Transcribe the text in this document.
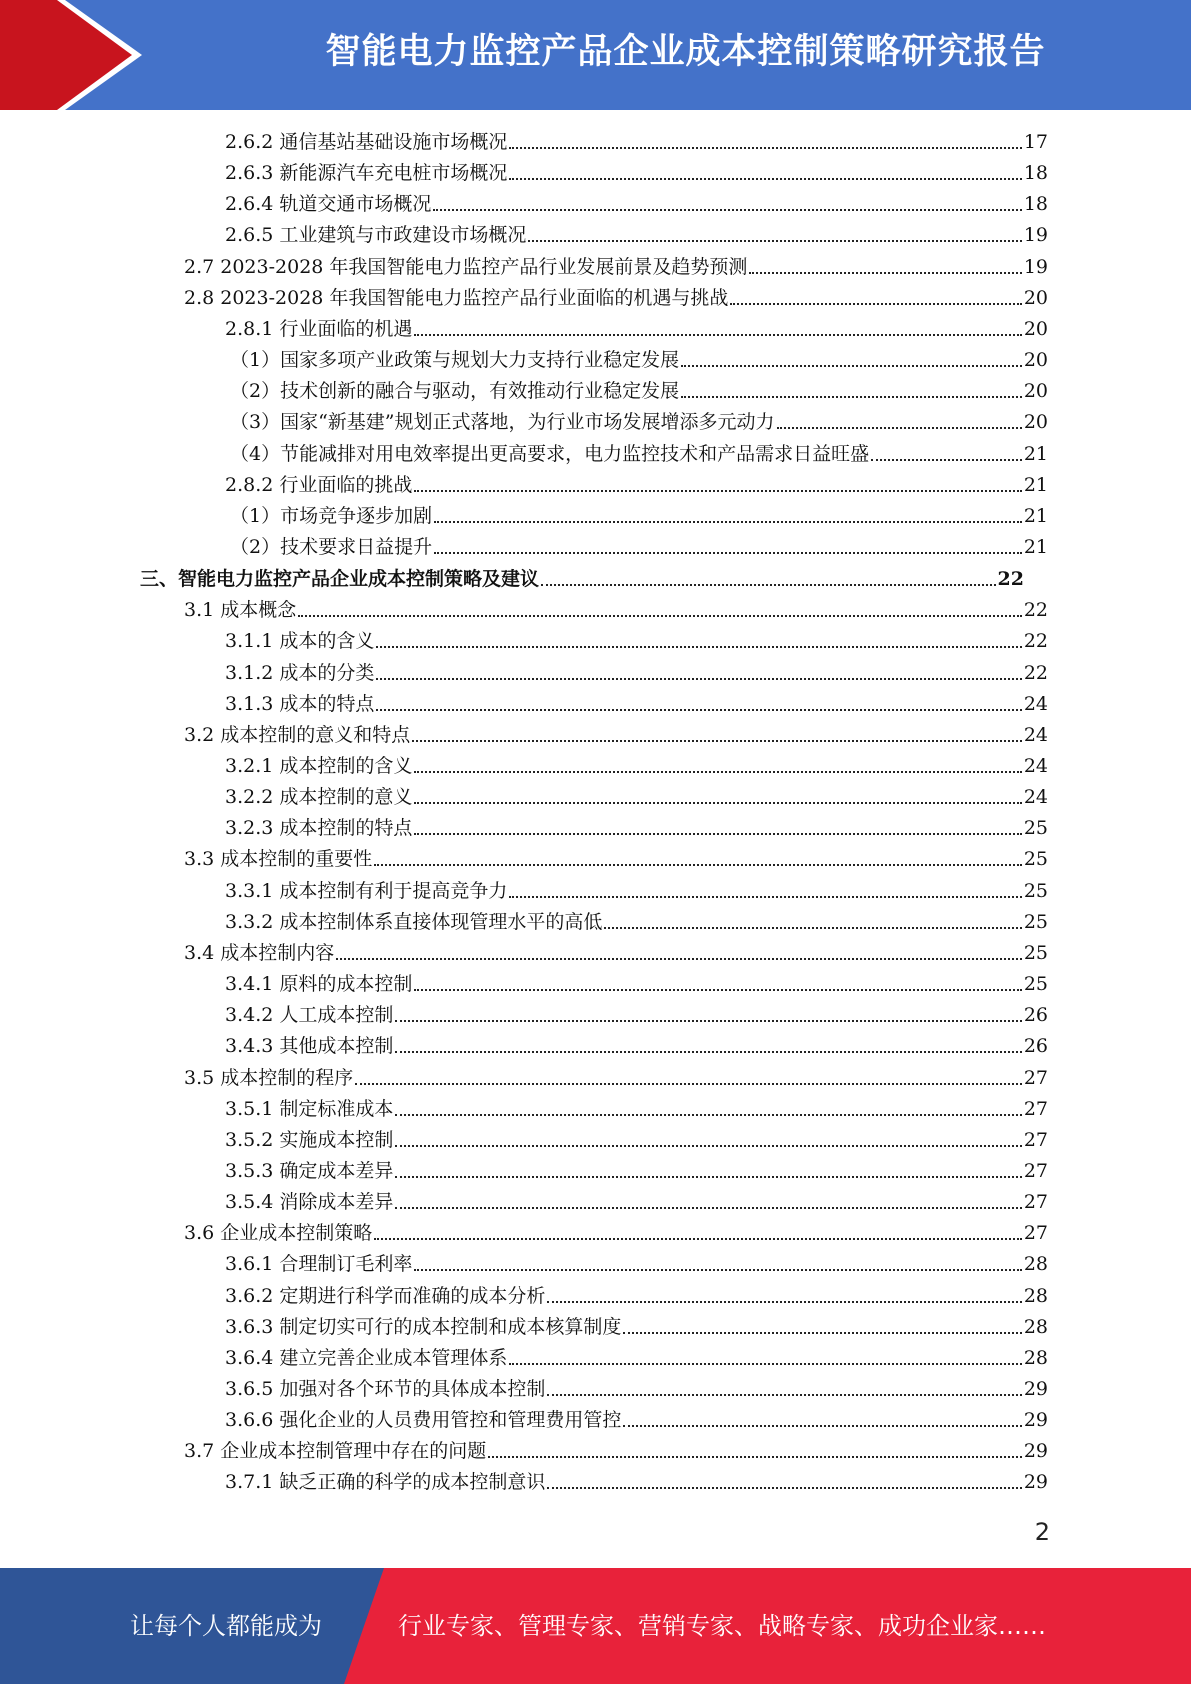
智能电力监控产品企业成本控制策略研究报告
2.6.2 通信基站基础设施市场概况	17
2.6.3 新能源汽车充电桩市场概况	18
2.6.4 轨道交通市场概况	18
2.6.5 工业建筑与市政建设市场概况	19
2.7 2023-2028 年我国智能电力监控产品行业发展前景及趋势预测	19
2.8 2023-2028 年我国智能电力监控产品行业面临的机遇与挑战	20
2.8.1 行业面临的机遇	20
（1）国家多项产业政策与规划大力支持行业稳定发展	20
（2）技术创新的融合与驱动，有效推动行业稳定发展	20
（3）国家“新基建”规划正式落地，为行业市场发展增添多元动力	20
（4）节能减排对用电效率提出更高要求，电力监控技术和产品需求日益旺盛	21
2.8.2 行业面临的挑战	21
（1）市场竞争逐步加剧	21
（2）技术要求日益提升	21
三、智能电力监控产品企业成本控制策略及建议	22
3.1 成本概念	22
3.1.1 成本的含义	22
3.1.2 成本的分类	22
3.1.3 成本的特点	24
3.2 成本控制的意义和特点	24
3.2.1 成本控制的含义	24
3.2.2 成本控制的意义	24
3.2.3 成本控制的特点	25
3.3 成本控制的重要性	25
3.3.1 成本控制有利于提高竞争力	25
3.3.2 成本控制体系直接体现管理水平的高低	25
3.4 成本控制内容	25
3.4.1 原料的成本控制	25
3.4.2 人工成本控制	26
3.4.3 其他成本控制	26
3.5 成本控制的程序	27
3.5.1 制定标准成本	27
3.5.2 实施成本控制	27
3.5.3 确定成本差异	27
3.5.4 消除成本差异	27
3.6 企业成本控制策略	27
3.6.1 合理制订毛利率	28
3.6.2 定期进行科学而准确的成本分析	28
3.6.3 制定切实可行的成本控制和成本核算制度	28
3.6.4 建立完善企业成本管理体系	28
3.6.5 加强对各个环节的具体成本控制	29
3.6.6 强化企业的人员费用管控和管理费用管控	29
3.7 企业成本控制管理中存在的问题	29
3.7.1 缺乏正确的科学的成本控制意识	29
2
让每个人都能成为	行业专家、管理专家、营销专家、战略专家、成功企业家……
